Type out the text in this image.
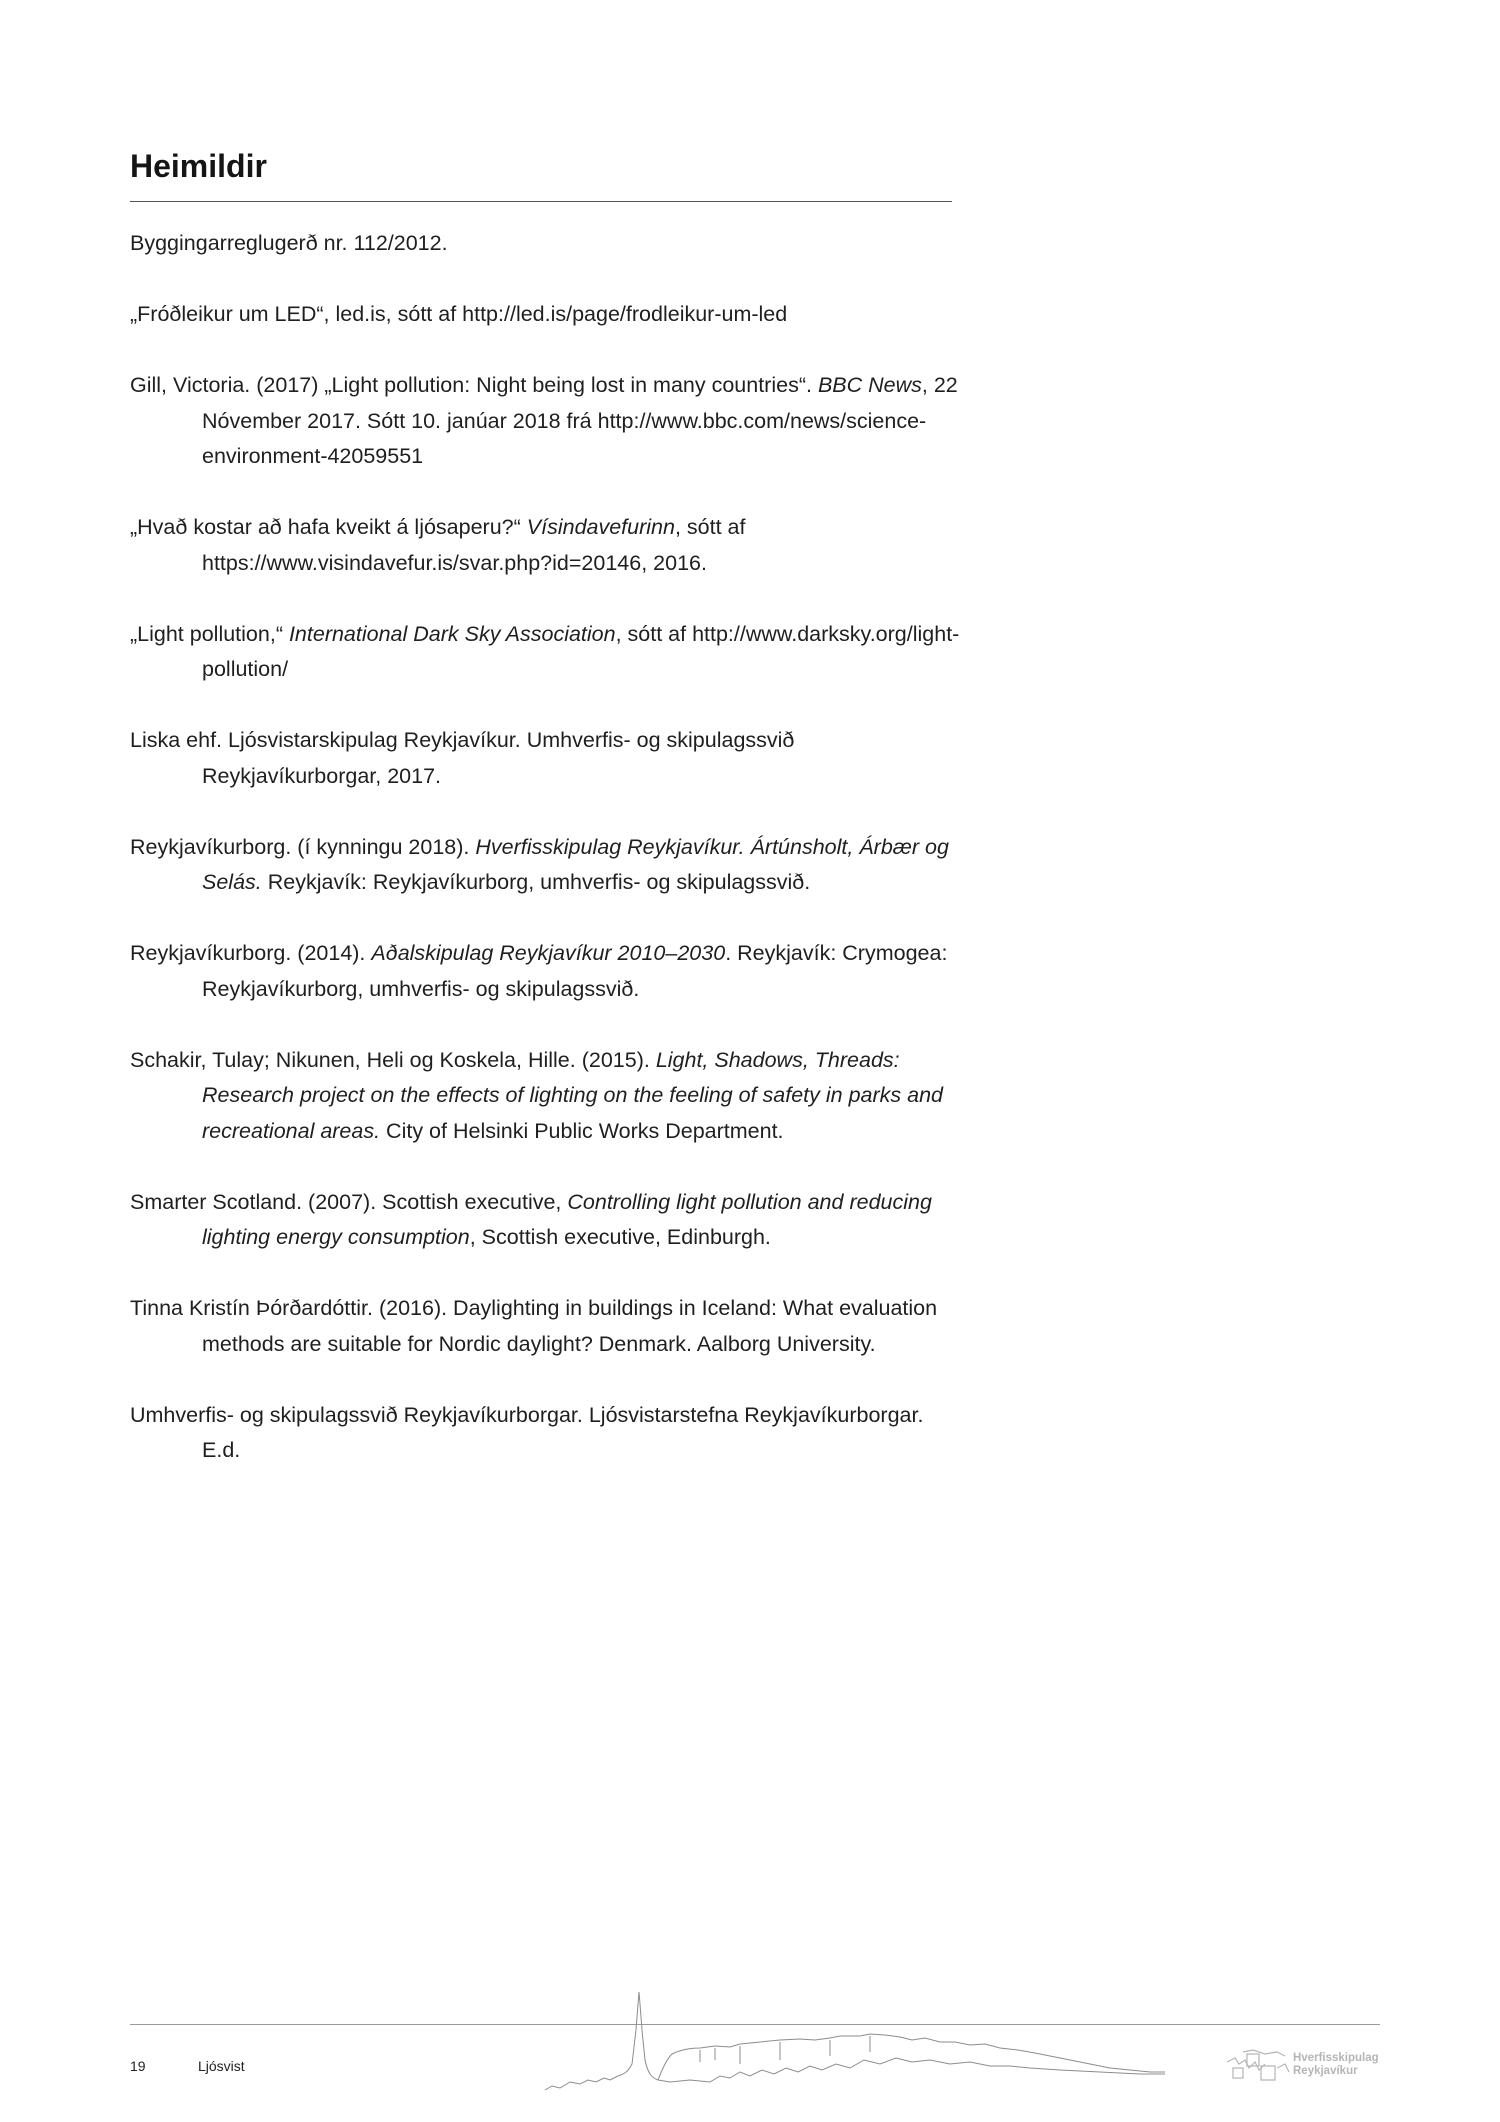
Heimildir
Byggingarreglugerð nr. 112/2012.
„Fróðleikur um LED“, led.is, sótt af http://led.is/page/frodleikur-um-led
Gill, Victoria. (2017) „Light pollution: Night being lost in many countries“. BBC News, 22 Nóvember 2017. Sótt 10. janúar 2018 frá http://www.bbc.com/news/science-environment-42059551
„Hvað kostar að hafa kveikt á ljósaperu?“ Vísindavefurinn, sótt af https://www.visindavefur.is/svar.php?id=20146, 2016.
„Light pollution,“ International Dark Sky Association, sótt af http://www.darksky.org/light-pollution/
Liska ehf. Ljósvistarskipulag Reykjavíkur. Umhverfis- og skipulagssvið Reykjavíkurborgar, 2017.
Reykjavíkurborg. (í kynningu 2018). Hverfisskipulag Reykjavíkur. Ártúnsholt, Árbær og Selás. Reykjavík: Reykjavíkurborg, umhverfis- og skipulagssvið.
Reykjavíkurborg. (2014). Aðalskipulag Reykjavíkur 2010–2030. Reykjavík: Crymogea: Reykjavíkurborg, umhverfis- og skipulagssvið.
Schakir, Tulay; Nikunen, Heli og Koskela, Hille. (2015). Light, Shadows, Threads: Research project on the effects of lighting on the feeling of safety in parks and recreational areas. City of Helsinki Public Works Department.
Smarter Scotland. (2007). Scottish executive, Controlling light pollution and reducing lighting energy consumption, Scottish executive, Edinburgh.
Tinna Kristín Þórðardóttir. (2016). Daylighting in buildings in Iceland: What evaluation methods are suitable for Nordic daylight? Denmark. Aalborg University.
Umhverfis- og skipulagssvið Reykjavíkurborgar. Ljósvistarstefna Reykjavíkurborgar. E.d.
19	Ljósvist	Hverfisskipulag
Reykjavíkur
